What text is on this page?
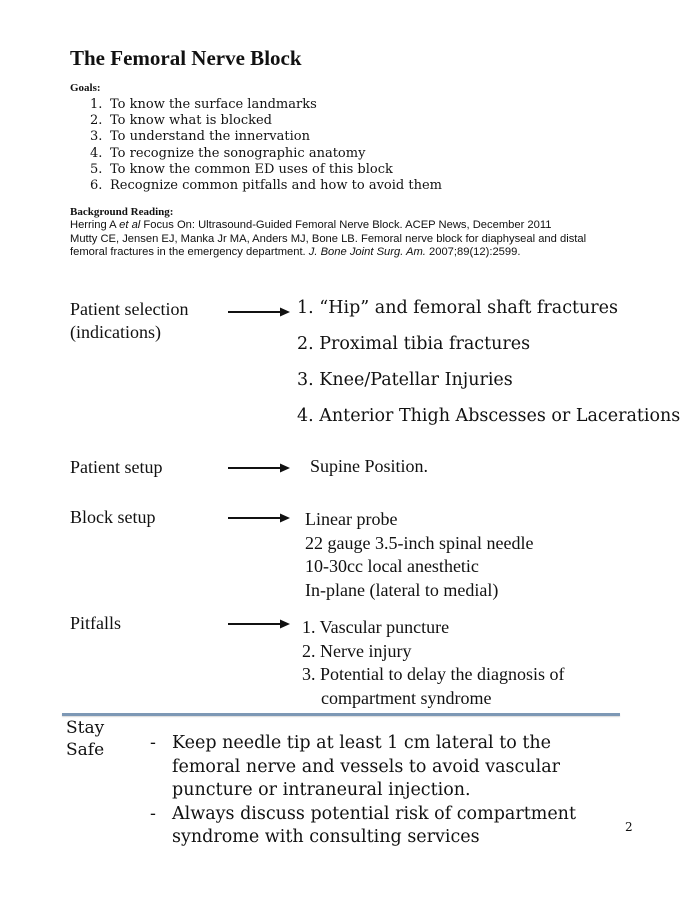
The Femoral Nerve Block
Goals:
1. To know the surface landmarks
2. To know what is blocked
3. To understand the innervation
4. To recognize the sonographic anatomy
5. To know the common ED uses of this block
6. Recognize common pitfalls and how to avoid them
Background Reading:
Herring A et al Focus On: Ultrasound-Guided Femoral Nerve Block. ACEP News, December 2011
Mutty CE, Jensen EJ, Manka Jr MA, Anders MJ, Bone LB. Femoral nerve block for diaphyseal and distal
femoral fractures in the emergency department. J. Bone Joint Surg. Am. 2007;89(12):2599.
Patient selection
(indications)
1. “Hip” and femoral shaft fractures
2. Proximal tibia fractures
3. Knee/Patellar Injuries
4. Anterior Thigh Abscesses or Lacerations
Patient setup	Supine Position.
Block setup	Linear probe
22 gauge 3.5-inch spinal needle
10-30cc local anesthetic
In-plane (lateral to medial)
Pitfalls	1. Vascular puncture
2. Nerve injury
3. Potential to delay the diagnosis of
compartment syndrome
Stay
Safe	- Keep needle tip at least 1 cm lateral to the femoral nerve and vessels to avoid vascular puncture or intraneural injection.
- Always discuss potential risk of compartment syndrome with consulting services	2
